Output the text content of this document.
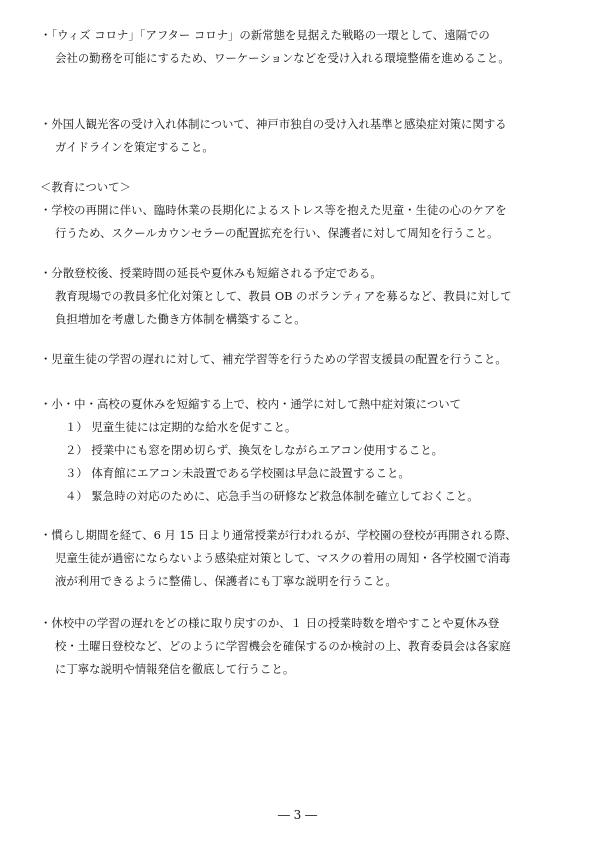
・「ウィズ コロナ」「アフター コロナ」の新常態を見据えた戦略の一環として、遠隔での
会社の勤務を可能にするため、ワーケーションなどを受け入れる環境整備を進めること。
・外国人観光客の受け入れ体制について、神戸市独自の受け入れ基準と感染症対策に関する
ガイドラインを策定すること。
＜教育について＞
・学校の再開に伴い、臨時休業の長期化によるストレス等を抱えた児童・生徒の心のケアを
行うため、スクールカウンセラーの配置拡充を行い、保護者に対して周知を行うこと。
・分散登校後、授業時間の延長や夏休みも短縮される予定である。
教育現場での教員多忙化対策として、教員 OB のボランティアを募るなど、教員に対して
負担増加を考慮した働き方体制を構築すること。
・児童生徒の学習の遅れに対して、補充学習等を行うための学習支援員の配置を行うこと。
・小・中・高校の夏休みを短縮する上で、校内・通学に対して熱中症対策について
１） 児童生徒には定期的な給水を促すこと。
２） 授業中にも窓を閉め切らず、換気をしながらエアコン使用すること。
３） 体育館にエアコン未設置である学校園は早急に設置すること。
４） 緊急時の対応のために、応急手当の研修など救急体制を確立しておくこと。
・慣らし期間を経て、6 月 15 日より通常授業が行われるが、学校園の登校が再開される際、
児童生徒が過密にならないよう感染症対策として、マスクの着用の周知・各学校園で消毒
液が利用できるように整備し、保護者にも丁寧な説明を行うこと。
・休校中の学習の遅れをどの様に取り戻すのか、１ 日の授業時数を増やすことや夏休み登
校・土曜日登校など、どのように学習機会を確保するのか検討の上、教育委員会は各家庭
に丁寧な説明や情報発信を徹底して行うこと。
― 3 ―
